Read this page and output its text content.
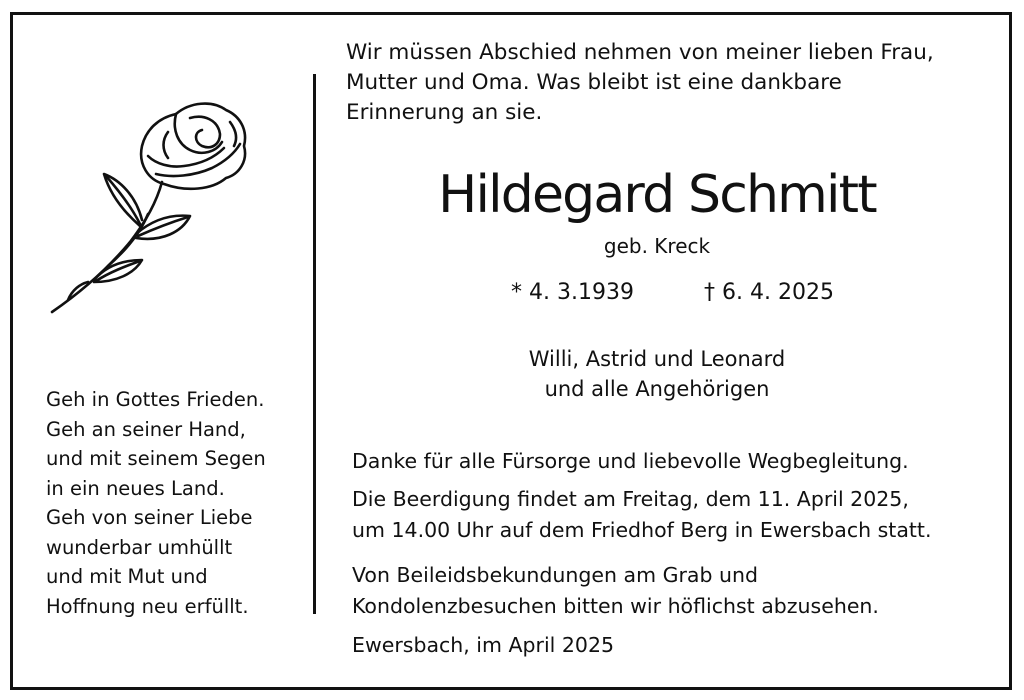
Geh in Gottes Frieden.
Geh an seiner Hand,
und mit seinem Segen
in ein neues Land.
Geh von seiner Liebe
wunderbar umhüllt
und mit Mut und
Hoffnung neu erfüllt.
Wir müssen Abschied nehmen von meiner lieben Frau,
Mutter und Oma. Was bleibt ist eine dankbare
Erinnerung an sie.
Hildegard Schmitt
geb. Kreck
* 4. 3.1939	† 6. 4. 2025
Willi, Astrid und Leonard
und alle Angehörigen
Danke für alle Fürsorge und liebevolle Wegbegleitung.
Die Beerdigung findet am Freitag, dem 11. April 2025,
um 14.00 Uhr auf dem Friedhof Berg in Ewersbach statt.
Von Beileidsbekundungen am Grab und
Kondolenzbesuchen bitten wir höflichst abzusehen.
Ewersbach, im April 2025
